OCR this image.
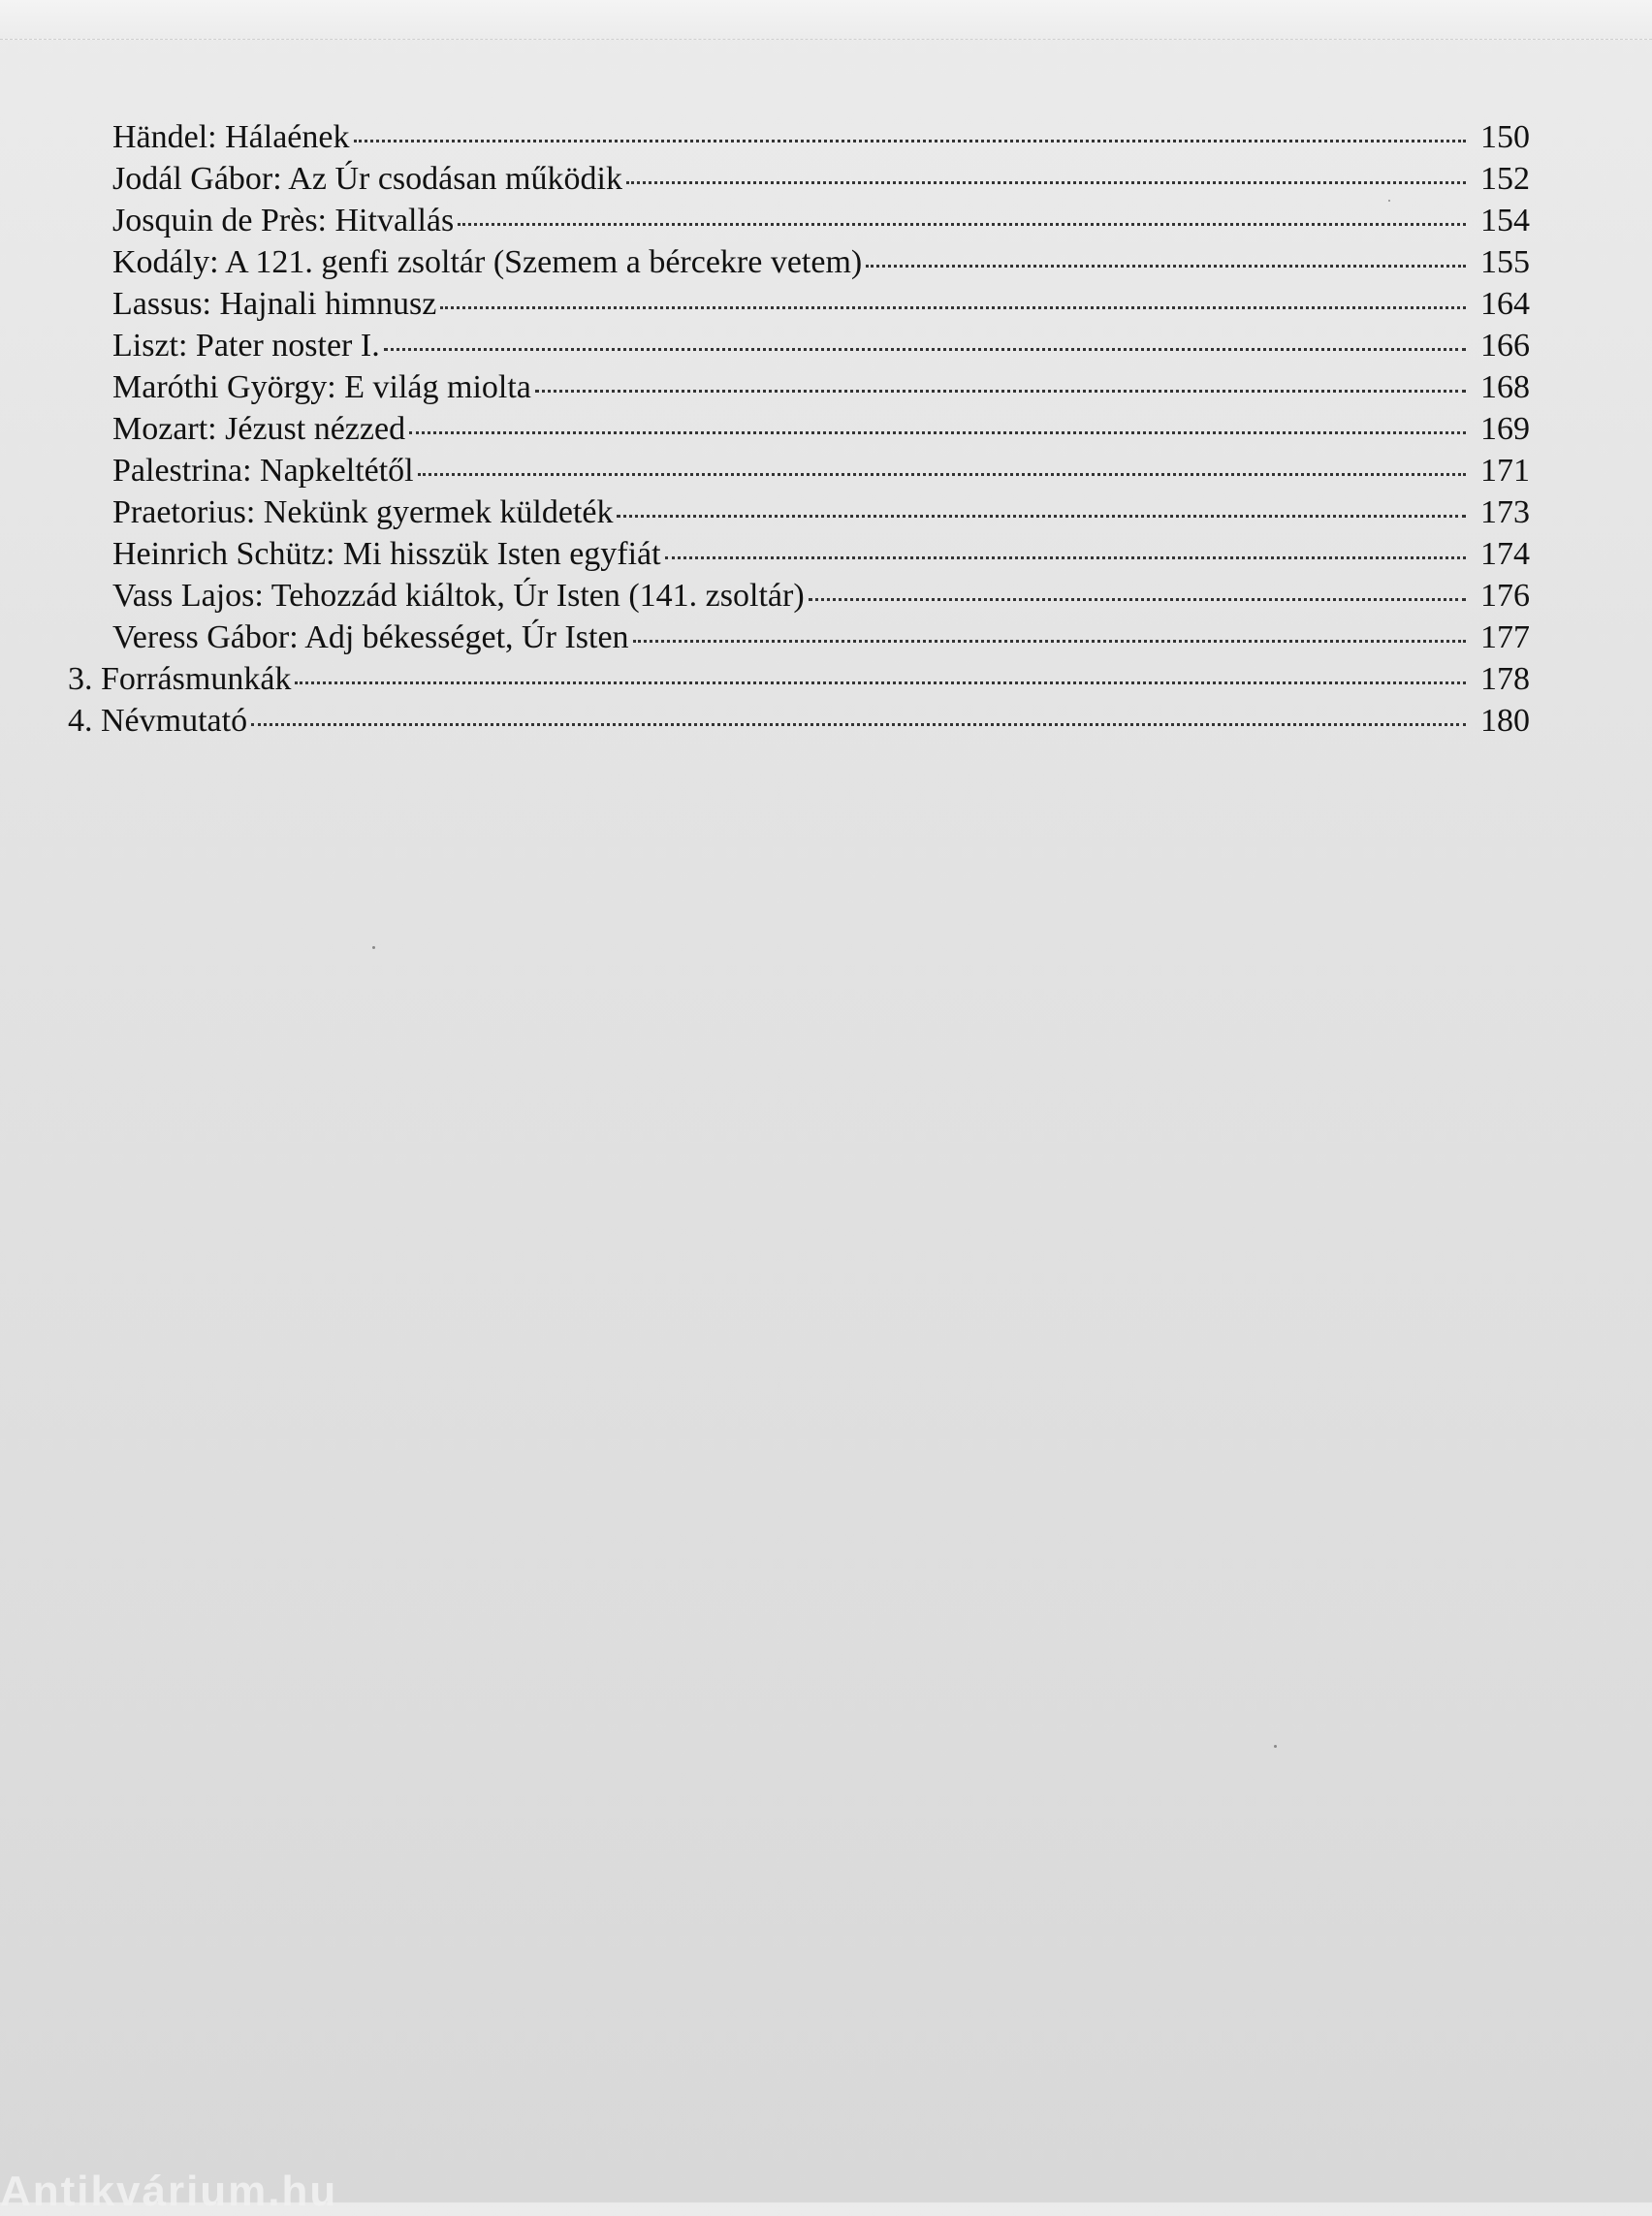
Händel: Hálaének	150
Jodál Gábor: Az Úr csodásan működik	152
Josquin de Près: Hitvallás	154
Kodály: A 121. genfi zsoltár (Szemem a bércekre vetem)	155
Lassus: Hajnali himnusz	164
Liszt: Pater noster I.	166
Maróthi György: E világ miolta	168
Mozart: Jézust nézzed	169
Palestrina: Napkeltétől	171
Praetorius: Nekünk gyermek küldeték	173
Heinrich Schütz: Mi hisszük Isten egyfiát	174
Vass Lajos: Tehozzád kiáltok, Úr Isten (141. zsoltár)	176
Veress Gábor: Adj békességet, Úr Isten	177
3. Forrásmunkák	178
4. Névmutató	180
Antikvárium.hu
